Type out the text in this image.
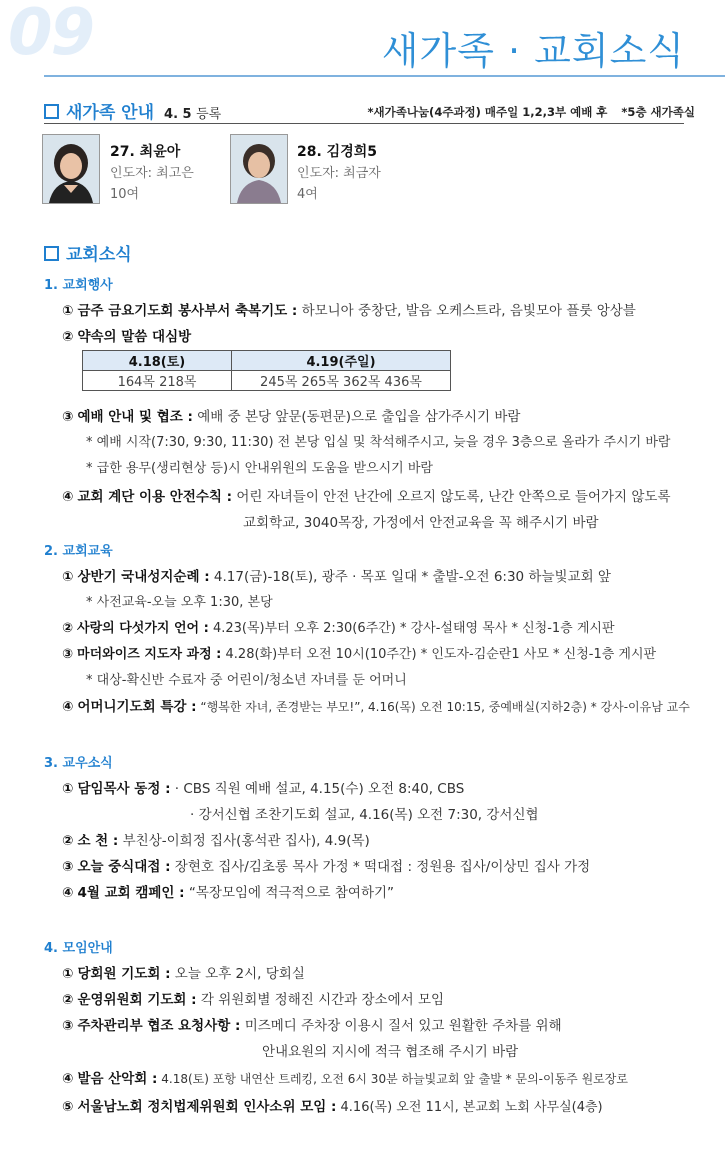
09	새가족 · 교회소식
새가족 안내 4. 5 등록	*새가족나눔(4주과정) 매주일 1,2,3부 예배 후 *5층 새가족실
27. 최윤아
인도자: 최고은
10여
28. 김경희5
인도자: 최금자
4여
교회소식
1. 교회행사
① 금주 금요기도회 봉사부서 축복기도 : 하모니아 중창단, 발음 오케스트라, 음빛모아 플룻 앙상블
② 약속의 말씀 대심방
4.18(토)	4.19(주일)
164목 218목	245목 265목 362목 436목
③ 예배 안내 및 협조 : 예배 중 본당 앞문(동편문)으로 출입을 삼가주시기 바람
* 예배 시작(7:30, 9:30, 11:30) 전 본당 입실 및 착석해주시고, 늦을 경우 3층으로 올라가 주시기 바람
* 급한 용무(생리현상 등)시 안내위원의 도움을 받으시기 바람
④ 교회 계단 이용 안전수칙 : 어린 자녀들이 안전 난간에 오르지 않도록, 난간 안쪽으로 들어가지 않도록
교회학교, 3040목장, 가정에서 안전교육을 꼭 해주시기 바람
2. 교회교육
① 상반기 국내성지순례 : 4.17(금)-18(토), 광주 · 목포 일대 * 출발-오전 6:30 하늘빛교회 앞
* 사전교육-오늘 오후 1:30, 본당
② 사랑의 다섯가지 언어 : 4.23(목)부터 오후 2:30(6주간) * 강사-설태영 목사 * 신청-1층 게시판
③ 마더와이즈 지도자 과정 : 4.28(화)부터 오전 10시(10주간) * 인도자-김순란1 사모 * 신청-1층 게시판
* 대상-확신반 수료자 중 어린이/청소년 자녀를 둔 어머니
④ 어머니기도회 특강 : “행복한 자녀, 존경받는 부모!”, 4.16(목) 오전 10:15, 중예배실(지하2층) * 강사-이유남 교수
3. 교우소식
① 담임목사 동정 : · CBS 직원 예배 설교, 4.15(수) 오전 8:40, CBS
· 강서신협 조찬기도회 설교, 4.16(목) 오전 7:30, 강서신협
② 소 천 : 부친상-이희정 집사(홍석관 집사), 4.9(목)
③ 오늘 중식대접 : 장현호 집사/김초롱 목사 가정 * 떡대접 : 정원용 집사/이상민 집사 가정
④ 4월 교회 캠페인 : “목장모임에 적극적으로 참여하기”
4. 모임안내
① 당회원 기도회 : 오늘 오후 2시, 당회실
② 운영위원회 기도회 : 각 위원회별 정해진 시간과 장소에서 모임
③ 주차관리부 협조 요청사항 : 미즈메디 주차장 이용시 질서 있고 원활한 주차를 위해
안내요원의 지시에 적극 협조해 주시기 바람
④ 발음 산악회 : 4.18(토) 포항 내연산 트레킹, 오전 6시 30분 하늘빛교회 앞 출발 * 문의-이동주 원로장로
⑤ 서울남노회 정치법제위원회 인사소위 모임 : 4.16(목) 오전 11시, 본교회 노회 사무실(4층)
